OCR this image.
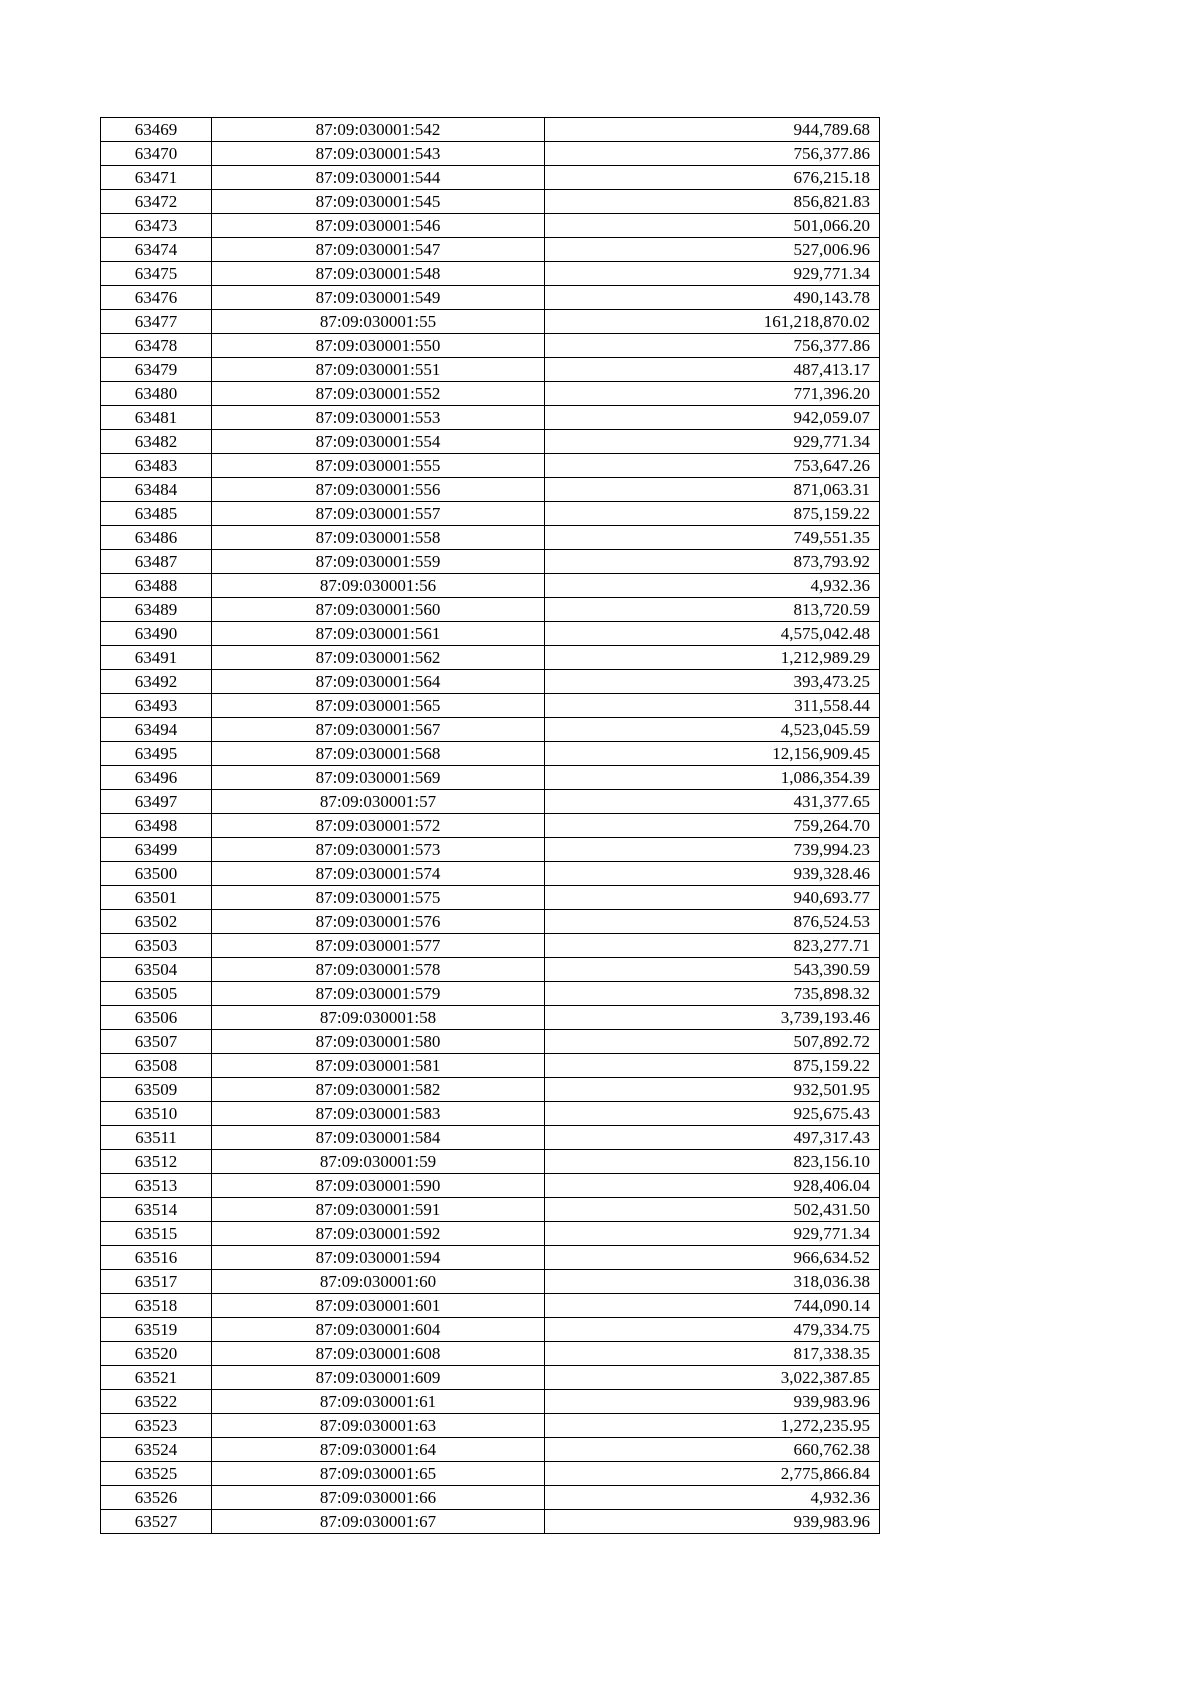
63469	87:09:030001:542	944,789.68
63470	87:09:030001:543	756,377.86
63471	87:09:030001:544	676,215.18
63472	87:09:030001:545	856,821.83
63473	87:09:030001:546	501,066.20
63474	87:09:030001:547	527,006.96
63475	87:09:030001:548	929,771.34
63476	87:09:030001:549	490,143.78
63477	87:09:030001:55	161,218,870.02
63478	87:09:030001:550	756,377.86
63479	87:09:030001:551	487,413.17
63480	87:09:030001:552	771,396.20
63481	87:09:030001:553	942,059.07
63482	87:09:030001:554	929,771.34
63483	87:09:030001:555	753,647.26
63484	87:09:030001:556	871,063.31
63485	87:09:030001:557	875,159.22
63486	87:09:030001:558	749,551.35
63487	87:09:030001:559	873,793.92
63488	87:09:030001:56	4,932.36
63489	87:09:030001:560	813,720.59
63490	87:09:030001:561	4,575,042.48
63491	87:09:030001:562	1,212,989.29
63492	87:09:030001:564	393,473.25
63493	87:09:030001:565	311,558.44
63494	87:09:030001:567	4,523,045.59
63495	87:09:030001:568	12,156,909.45
63496	87:09:030001:569	1,086,354.39
63497	87:09:030001:57	431,377.65
63498	87:09:030001:572	759,264.70
63499	87:09:030001:573	739,994.23
63500	87:09:030001:574	939,328.46
63501	87:09:030001:575	940,693.77
63502	87:09:030001:576	876,524.53
63503	87:09:030001:577	823,277.71
63504	87:09:030001:578	543,390.59
63505	87:09:030001:579	735,898.32
63506	87:09:030001:58	3,739,193.46
63507	87:09:030001:580	507,892.72
63508	87:09:030001:581	875,159.22
63509	87:09:030001:582	932,501.95
63510	87:09:030001:583	925,675.43
63511	87:09:030001:584	497,317.43
63512	87:09:030001:59	823,156.10
63513	87:09:030001:590	928,406.04
63514	87:09:030001:591	502,431.50
63515	87:09:030001:592	929,771.34
63516	87:09:030001:594	966,634.52
63517	87:09:030001:60	318,036.38
63518	87:09:030001:601	744,090.14
63519	87:09:030001:604	479,334.75
63520	87:09:030001:608	817,338.35
63521	87:09:030001:609	3,022,387.85
63522	87:09:030001:61	939,983.96
63523	87:09:030001:63	1,272,235.95
63524	87:09:030001:64	660,762.38
63525	87:09:030001:65	2,775,866.84
63526	87:09:030001:66	4,932.36
63527	87:09:030001:67	939,983.96
